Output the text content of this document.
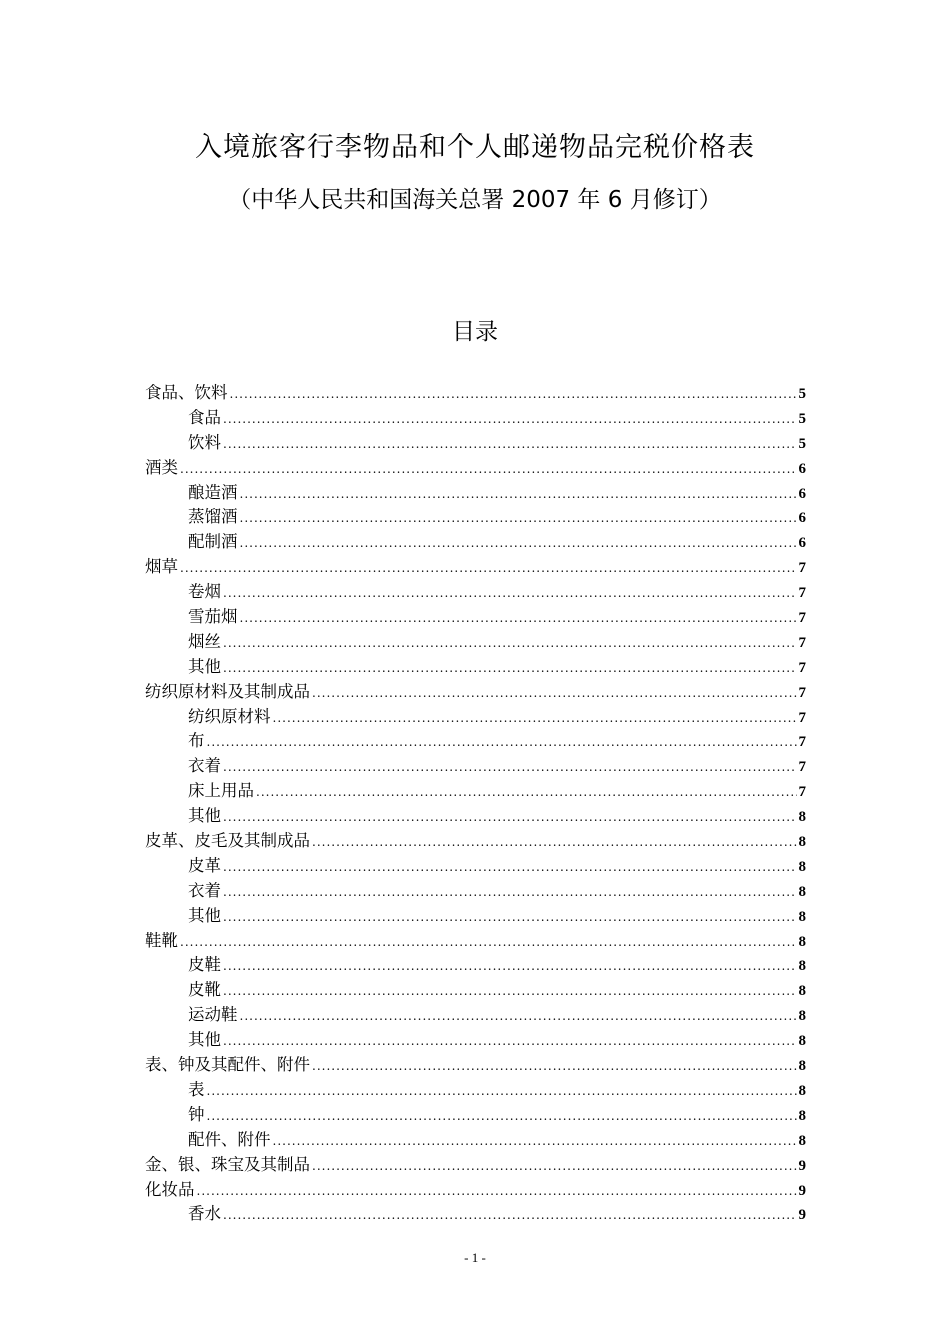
入境旅客行李物品和个人邮递物品完税价格表
（中华人民共和国海关总署 2007 年 6 月修订）
目录
食品、饮料 .....	5
食品 .....	5
饮料 .....	5
酒类 .....	6
酿造酒 .....	6
蒸馏酒 .....	6
配制酒 .....	6
烟草 .....	7
卷烟 .....	7
雪茄烟 .....	7
烟丝 .....	7
其他 .....	7
纺织原材料及其制成品 .....	7
纺织原材料 .....	7
布 .....	7
衣着 .....	7
床上用品 .....	7
其他 .....	8
皮革、皮毛及其制成品 .....	8
皮革 .....	8
衣着 .....	8
其他 .....	8
鞋靴 .....	8
皮鞋 .....	8
皮靴 .....	8
运动鞋 .....	8
其他 .....	8
表、钟及其配件、附件 .....	8
表 .....	8
钟 .....	8
配件、附件 .....	8
金、银、珠宝及其制品 .....	9
化妆品 .....	9
香水 .....	9
- 1 -
